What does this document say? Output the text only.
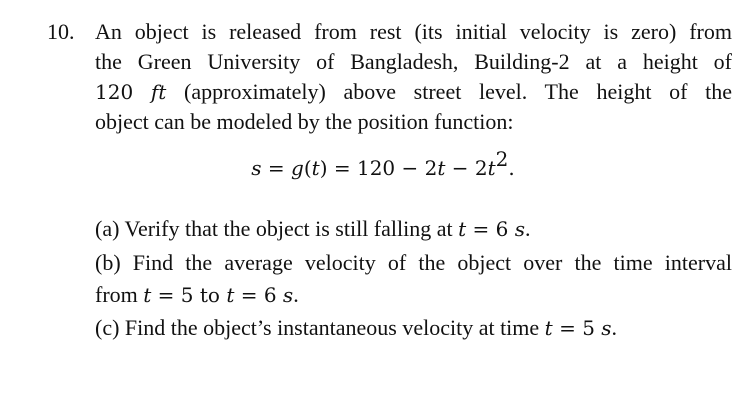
10. An object is released from rest (its initial velocity is zero) from
the Green University of Bangladesh, Building-2 at a height of
120 ft (approximately) above street level. The height of the
object can be modeled by the position function:
$s = g(t) = 120 - 2t - 2t^2$.
(a) Verify that the object is still falling at t = 6 s.
(b) Find the average velocity of the object over the time interval
from t = 5 to t = 6 s.
(c) Find the object’s instantaneous velocity at time t = 5 s.
